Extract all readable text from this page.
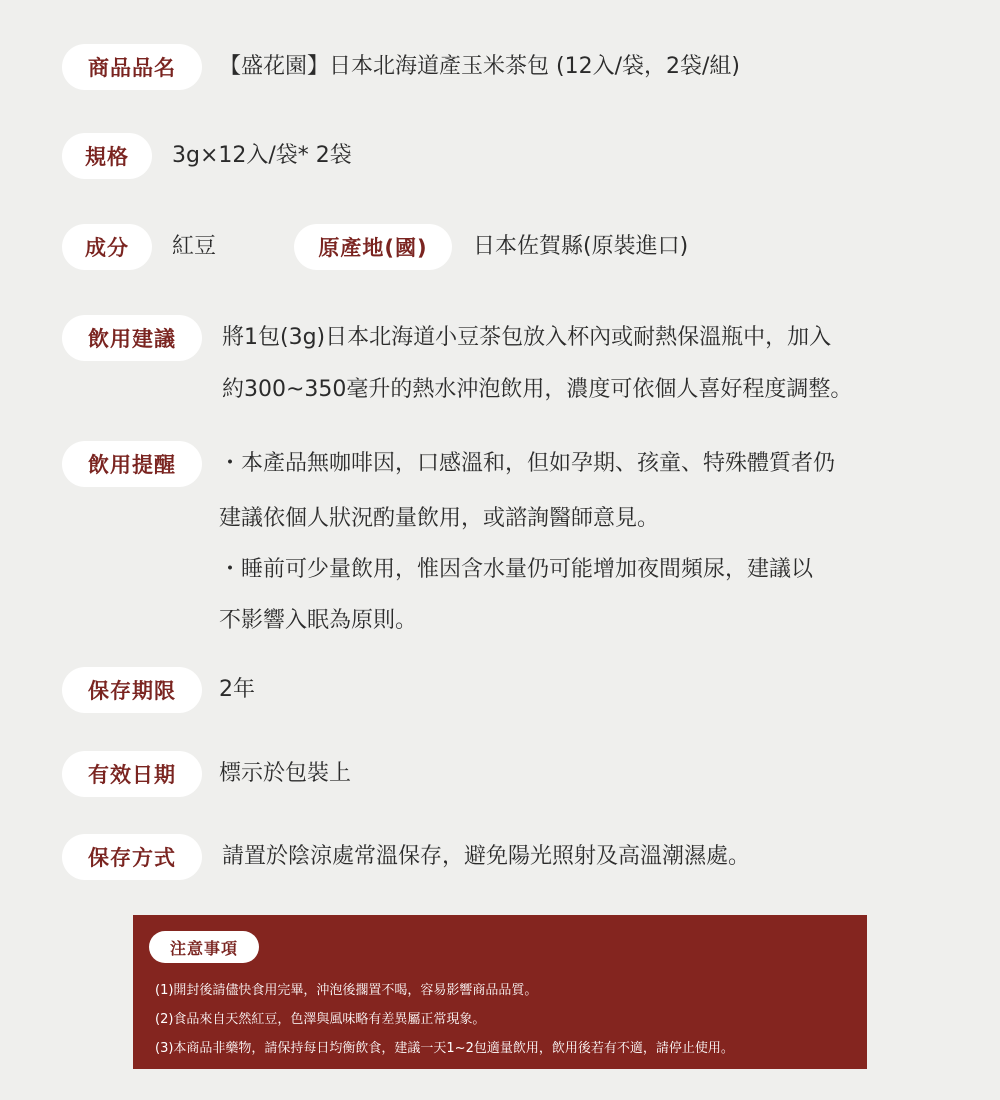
商品品名	【盛花園】日本北海道產玉米茶包 (12入/袋，2袋/組)
規格	3g×12入/袋* 2袋
成分	紅豆	原產地(國)	日本佐賀縣(原裝進口)
飲用建議	將1包(3g)日本北海道小豆茶包放入杯內或耐熱保溫瓶中，加入
約300~350毫升的熱水沖泡飲用，濃度可依個人喜好程度調整。
飲用提醒	・本產品無咖啡因，口感溫和，但如孕期、孩童、特殊體質者仍
建議依個人狀況酌量飲用，或諮詢醫師意見。
・睡前可少量飲用，惟因含水量仍可能增加夜間頻尿，建議以
不影響入眠為原則。
保存期限	2年
有效日期	標示於包裝上
保存方式	請置於陰涼處常溫保存，避免陽光照射及高溫潮濕處。
注意事項
(1)開封後請儘快食用完畢，沖泡後擱置不喝，容易影響商品品質。
(2)食品來自天然紅豆，色澤與風味略有差異屬正常現象。
(3)本商品非藥物，請保持每日均衡飲食，建議一天1~2包適量飲用，飲用後若有不適，請停止使用。
